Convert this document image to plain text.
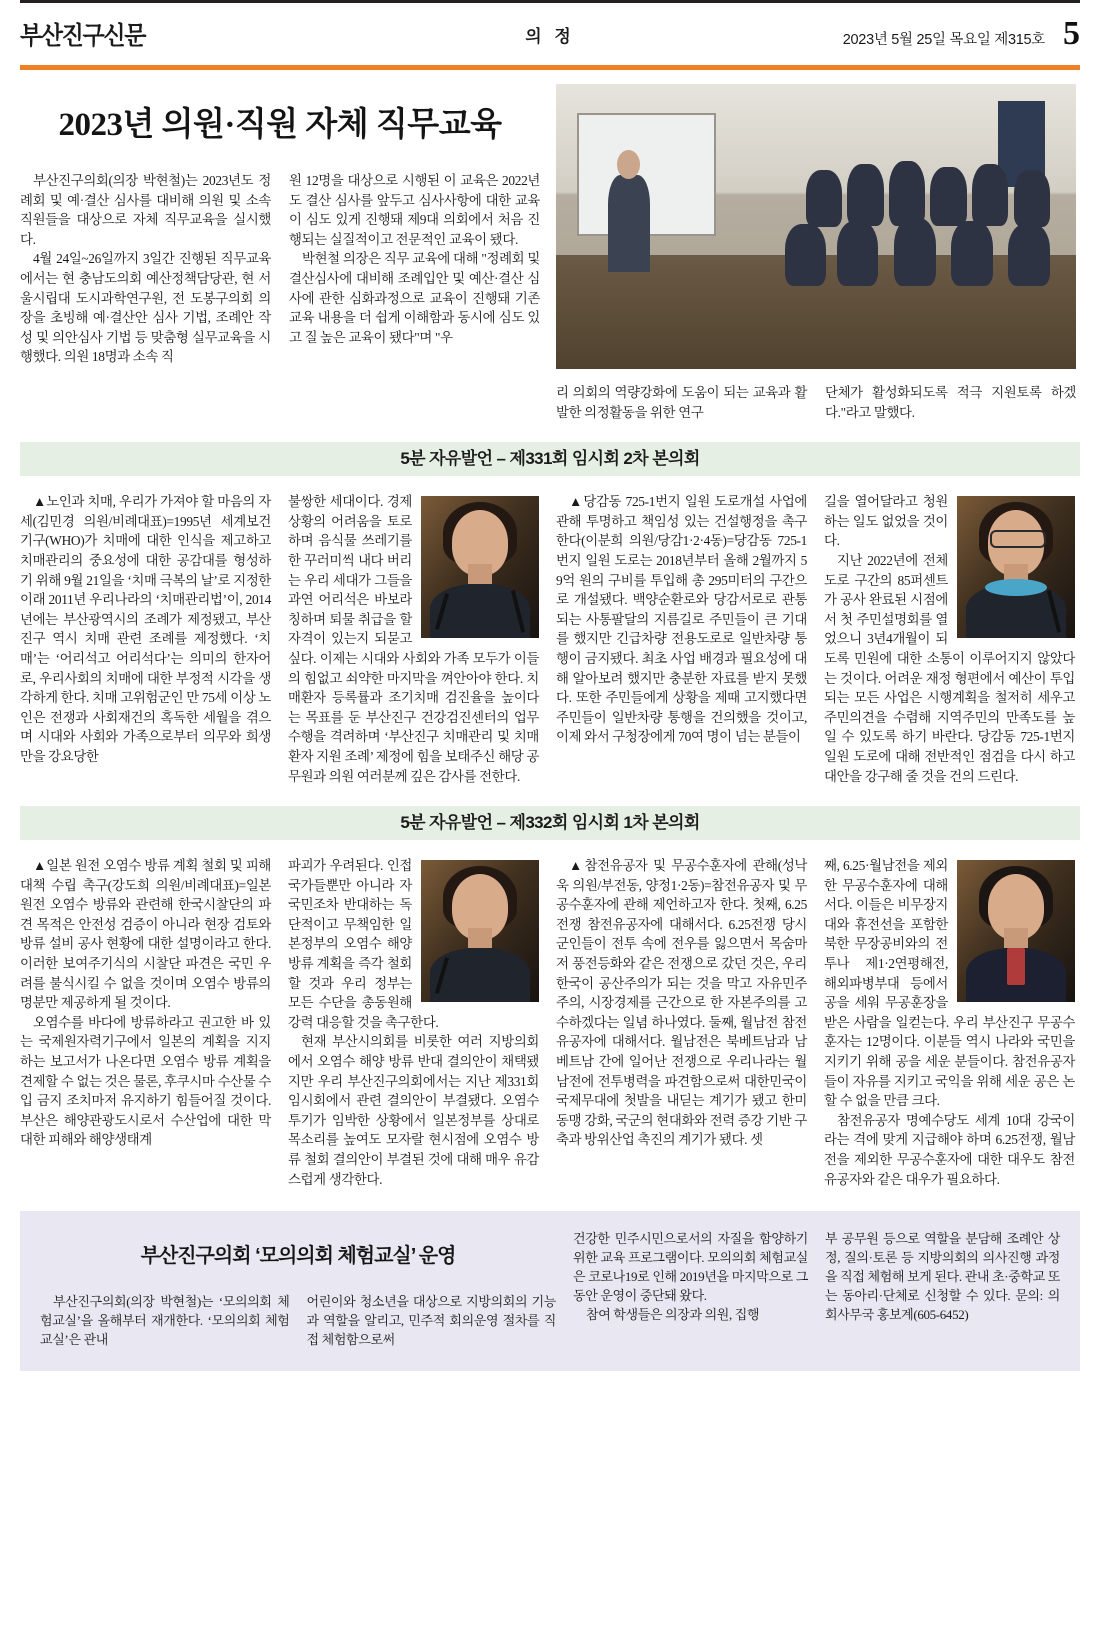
부산진구신문	의 정	2023년 5월 25일 목요일 제315호 5
2023년 의원·직원 자체 직무교육

부산진구의회(의장 박현철)는 2023년도 정례회 및 예·결산 심사를 대비해 의원 및 소속 직원들을 대상으로 자체 직무교육을 실시했다.

4월 24일~26일까지 3일간 진행된 직무교육에서는 현 충남도의회 예산정책담당관, 현 서울시립대 도시과학연구원, 전 도봉구의회 의장을 초빙해 예·결산안 심사 기법, 조례안 작성 및 의안심사 기법 등 맞춤형 실무교육을 시행했다. 의원 18명과 소속 직

원 12명을 대상으로 시행된 이 교육은 2022년도 결산 심사를 앞두고 심사사항에 대한 교육이 심도 있게 진행돼 제9대 의회에서 처음 진행되는 실질적이고 전문적인 교육이 됐다.

박현철 의장은 직무 교육에 대해 "정례회 및 결산심사에 대비해 조례입안 및 예산·결산 심사에 관한 심화과정으로 교육이 진행돼 기존 교육 내용을 더 쉽게 이해함과 동시에 심도 있고 질 높은 교육이 됐다"며 "우

리 의회의 역량강화에 도움이 되는 교육과 활발한 의정활동을 위한 연구

단체가 활성화되도록 적극 지원토록 하겠다."라고 말했다.

5분 자유발언 – 제331회 임시회 2차 본의회

▲노인과 치매, 우리가 가져야 할 마음의 자세(김민경 의원/비례대표)=1995년 세계보건기구(WHO)가 치매에 대한 인식을 제고하고 치매관리의 중요성에 대한 공감대를 형성하기 위해 9월 21일을 ‘치매 극복의 날’로 지정한 이래 2011년 우리나라의 ‘치매관리법’이, 2014년에는 부산광역시의 조례가 제정됐고, 부산진구 역시 치매 관련 조례를 제정했다. ‘치매’는 ‘어리석고 어리석다’는 의미의 한자어로, 우리사회의 치매에 대한 부정적 시각을 생각하게 한다. 치매 고위험군인 만 75세 이상 노인은 전쟁과 사회재건의 혹독한 세월을 겪으며 시대와 사회와 가족으로부터 의무와 희생만을 강요당한

불쌍한 세대이다. 경제상황의 어려움을 토로하며 음식물 쓰레기를 한 꾸러미씩 내다 버리는 우리 세대가 그들을 과연 어리석은 바보라 칭하며 퇴물 취급을 할 자격이 있는지 되묻고 싶다. 이제는 시대와 사회와 가족 모두가 이들의 힘없고 쇠약한 마지막을 껴안아야 한다. 치매환자 등록률과 조기치매 검진율을 높이다는 목표를 둔 부산진구 건강검진센터의 업무수행을 격려하며 ‘부산진구 치매관리 및 치매환자 지원 조례’ 제정에 힘을 보태주신 해당 공무원과 의원 여러분께 깊은 감사를 전한다.

▲당감동 725-1번지 일원 도로개설 사업에 관해 투명하고 책임성 있는 건설행정을 촉구한다(이분희 의원/당감1·2·4동)=당감동 725-1번지 일원 도로는 2018년부터 올해 2월까지 59억 원의 구비를 투입해 총 295미터의 구간으로 개설됐다. 백양순환로와 당감서로로 관통되는 사통팔달의 지름길로 주민들이 큰 기대를 했지만 긴급차량 전용도로로 일반차량 통행이 금지됐다. 최초 사업 배경과 필요성에 대해 알아보려 했지만 충분한 자료를 받지 못했다. 또한 주민들에게 상황을 제때 고지했다면 주민들이 일반차량 통행을 건의했을 것이고, 이제 와서 구청장에게 70여 명이 넘는 분들이

길을 열어달라고 청원하는 일도 없었을 것이다.

지난 2022년에 전체 도로 구간의 85퍼센트가 공사 완료된 시점에서 첫 주민설명회를 열었으니 3년4개월이 되도록 민원에 대한 소통이 이루어지지 않았다는 것이다. 어려운 재정 형편에서 예산이 투입되는 모든 사업은 시행계획을 철저히 세우고 주민의견을 수렴해 지역주민의 만족도를 높일 수 있도록 하기 바란다. 당감동 725-1번지 일원 도로에 대해 전반적인 점검을 다시 하고 대안을 강구해 줄 것을 건의 드린다.

5분 자유발언 – 제332회 임시회 1차 본의회

▲일본 원전 오염수 방류 계획 철회 및 피해 대책 수립 촉구(강도희 의원/비례대표)=일본 원전 오염수 방류와 관련해 한국시찰단의 파견 목적은 안전성 검증이 아니라 현장 검토와 방류 설비 공사 현황에 대한 설명이라고 한다. 이러한 보여주기식의 시찰단 파견은 국민 우려를 불식시킬 수 없을 것이며 오염수 방류의 명분만 제공하게 될 것이다.

오염수를 바다에 방류하라고 권고한 바 있는 국제원자력기구에서 일본의 계획을 지지하는 보고서가 나온다면 오염수 방류 계획을 견제할 수 없는 것은 물론, 후쿠시마 수산물 수입 금지 조치마저 유지하기 힘들어질 것이다. 부산은 해양관광도시로서 수산업에 대한 막대한 피해와 해양생태계

파괴가 우려된다. 인접 국가들뿐만 아니라 자국민조차 반대하는 독단적이고 무책임한 일본정부의 오염수 해양 방류 계획을 즉각 철회할 것과 우리 정부는 모든 수단을 총동원해 강력 대응할 것을 촉구한다.

현재 부산시의회를 비롯한 여러 지방의회에서 오염수 해양 방류 반대 결의안이 채택됐지만 우리 부산진구의회에서는 지난 제331회 임시회에서 관련 결의안이 부결됐다. 오염수 투기가 임박한 상황에서 일본정부를 상대로 목소리를 높여도 모자랄 현시점에 오염수 방류 철회 결의안이 부결된 것에 대해 매우 유감스럽게 생각한다.

▲참전유공자 및 무공수훈자에 관해(성낙욱 의원/부전동, 양정1·2동)=참전유공자 및 무공수훈자에 관해 제언하고자 한다. 첫째, 6.25전쟁 참전유공자에 대해서다. 6.25전쟁 당시 군인들이 전투 속에 전우를 잃으면서 목숨마저 풍전등화와 같은 전쟁으로 갔던 것은, 우리 한국이 공산주의가 되는 것을 막고 자유민주주의, 시장경제를 근간으로 한 자본주의를 고수하겠다는 일념 하나였다. 둘째, 월남전 참전유공자에 대해서다. 월남전은 북베트남과 남베트남 간에 일어난 전쟁으로 우리나라는 월남전에 전투병력을 파견함으로써 대한민국이 국제무대에 첫발을 내딛는 계기가 됐고 한미동맹 강화, 국군의 현대화와 전력 증강 기반 구축과 방위산업 촉진의 계기가 됐다. 셋

째, 6.25·월남전을 제외한 무공수훈자에 대해서다. 이들은 비무장지대와 휴전선을 포함한 북한 무장공비와의 전투나 제1·2연평해전, 해외파병부대 등에서 공을 세워 무공훈장을 받은 사람을 일컫는다. 우리 부산진구 무공수훈자는 12명이다. 이분들 역시 나라와 국민을 지키기 위해 공을 세운 분들이다. 참전유공자들이 자유를 지키고 국익을 위해 세운 공은 논할 수 없을 만큼 크다.

참전유공자 명예수당도 세계 10대 강국이라는 격에 맞게 지급해야 하며 6.25전쟁, 월남전을 제외한 무공수훈자에 대한 대우도 참전유공자와 같은 대우가 필요하다.

부산진구의회 ‘모의의회 체험교실’ 운영

부산진구의회(의장 박현철)는 ‘모의의회 체험교실’을 올해부터 재개한다. ‘모의의회 체험교실’은 관내

어린이와 청소년을 대상으로 지방의회의 기능과 역할을 알리고, 민주적 회의운영 절차를 직접 체험함으로써

건강한 민주시민으로서의 자질을 함양하기 위한 교육 프로그램이다. 모의의회 체험교실은 코로나19로 인해 2019년을 마지막으로 그동안 운영이 중단돼 왔다.

참여 학생들은 의장과 의원, 집행

부 공무원 등으로 역할을 분담해 조례안 상정, 질의·토론 등 지방의회의 의사진행 과정을 직접 체험해 보게 된다. 관내 초·중학교 또는 동아리·단체로 신청할 수 있다. 문의: 의회사무국 홍보계(605-6452)
